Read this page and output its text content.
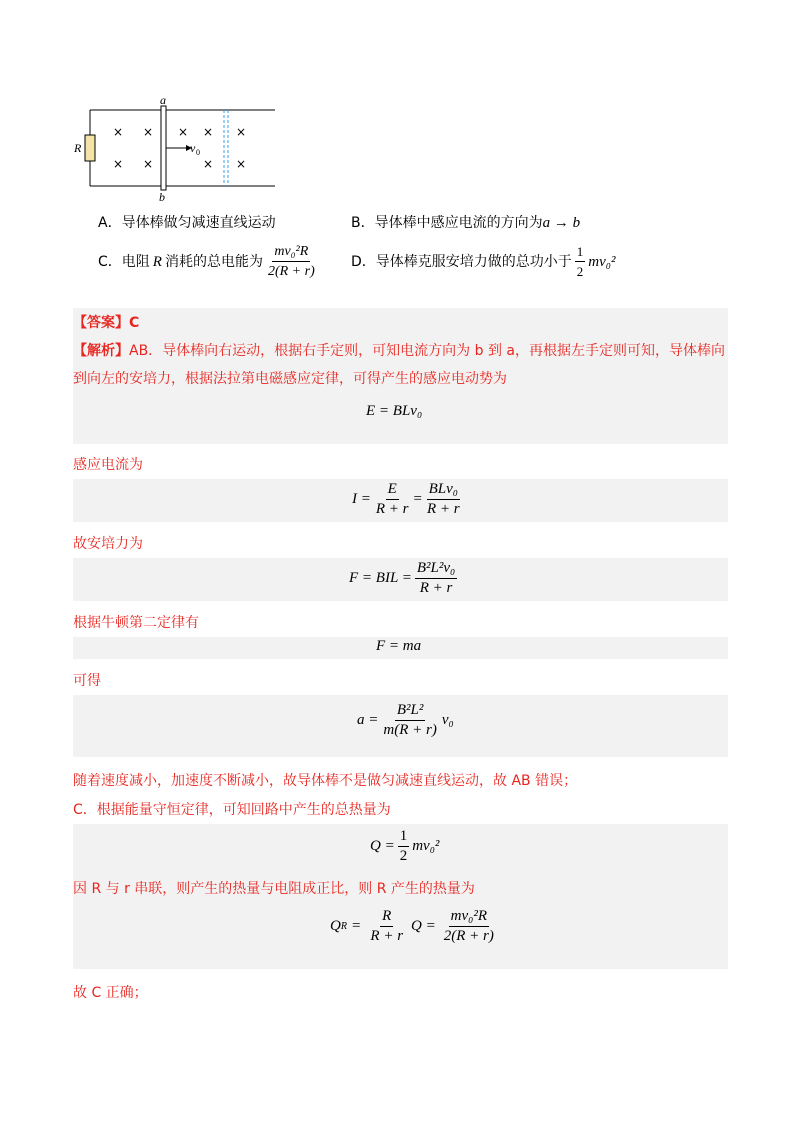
× × × × ×
× ×	× ×
R
a
b
v 0
A．导体棒做匀减速直线运动	B．导体棒中感应电流的方向为a → b
C．电阻 R 消耗的总电能为 $\frac{\text{mv₀²R}}{2(R + r)}$ D．导体棒克服安培力做的总功小于 $\frac{1}{2} mv_0^2$
【答案】C
【解析】AB．导体棒向右运动，根据右手定则，可知电流方向为 b 到 a，再根据左手定则可知，导体棒向
到向左的安培力，根据法拉第电磁感应定律，可得产生的感应电动势为
E = BLv₀
感应电流为
$I = \frac{E}{R + r} = \frac{\text{BLv₀}}{R + r}$
故安培力为
F = BIL = $\frac{\text{B²L²v₀}}{R + r}$
根据牛顿第二定律有
F = ma
可得
$a = \frac{\text{B²L²}}{m(R + r)} v_0$
随着速度减小，加速度不断减小，故导体棒不是做匀减速直线运动，故 AB 错误；
C．根据能量守恒定律，可知回路中产生的总热量为
$Q = \frac{1}{2} mv_0^2$
因 R 与 r 串联，则产生的热量与电阻成正比，则 R 产生的热量为
Q $R = \frac{R}{R + r}$ $Q = \frac{\text{mv₀²R}}{2(R + r)}$
故 C 正确；
